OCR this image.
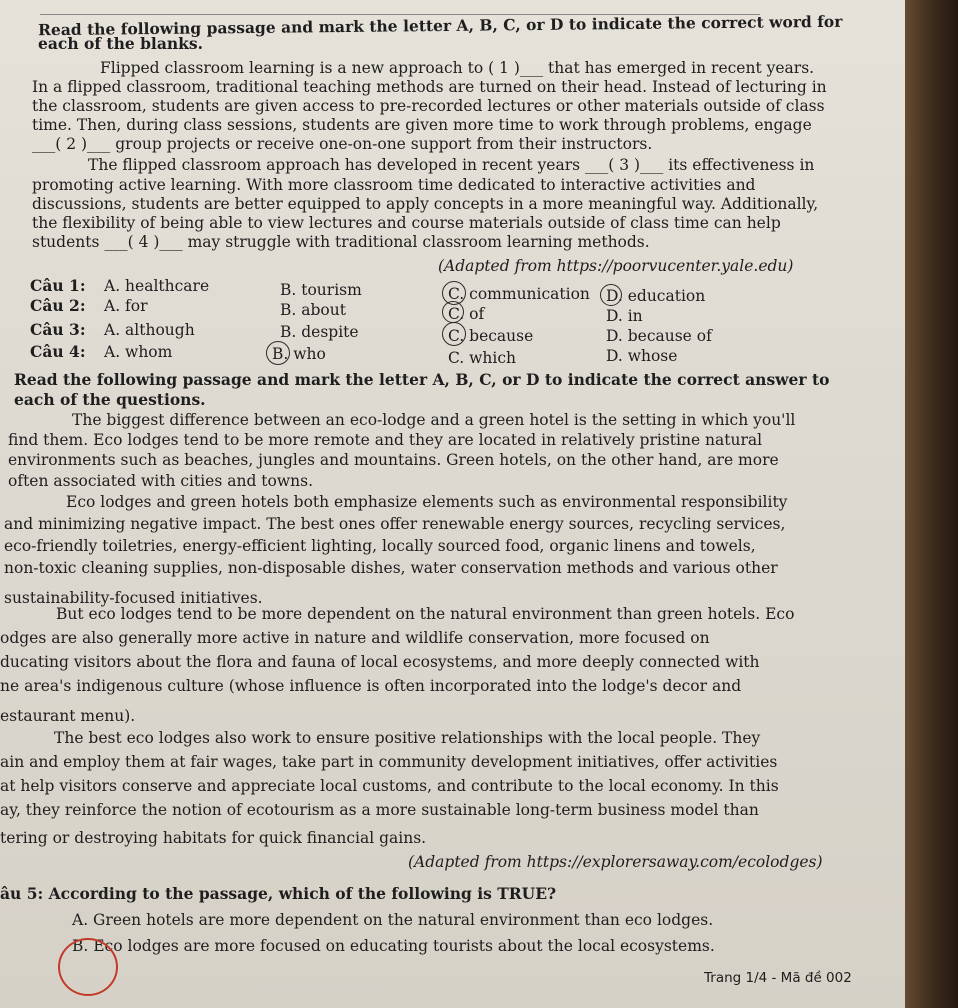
Read the following passage and mark the letter A, B, C, or D to indicate the correct word for
each of the blanks.
Flipped classroom learning is a new approach to ( 1 )___ that has emerged in recent years.
In a flipped classroom, traditional teaching methods are turned on their head. Instead of lecturing in
the classroom, students are given access to pre-recorded lectures or other materials outside of class
time. Then, during class sessions, students are given more time to work through problems, engage
___( 2 )___ group projects or receive one-on-one support from their instructors.
The flipped classroom approach has developed in recent years ___( 3 )___ its effectiveness in
promoting active learning. With more classroom time dedicated to interactive activities and
discussions, students are better equipped to apply concepts in a more meaningful way. Additionally,
the flexibility of being able to view lectures and course materials outside of class time can help
students ___( 4 )___ may struggle with traditional classroom learning methods.
(Adapted from https://poorvucenter.yale.edu)
Câu 1: A. healthcare	B. tourism	C. communication D. education
Câu 2: A. for	B. about	C. of	D. in
Câu 3: A. although	B. despite	C. because	D. because of
Câu 4: A. whom	B. who	C. which	D. whose
Read the following passage and mark the letter A, B, C, or D to indicate the correct answer to
each of the questions.
The biggest difference between an eco-lodge and a green hotel is the setting in which you'll
find them. Eco lodges tend to be more remote and they are located in relatively pristine natural
environments such as beaches, jungles and mountains. Green hotels, on the other hand, are more
often associated with cities and towns.
Eco lodges and green hotels both emphasize elements such as environmental responsibility
and minimizing negative impact. The best ones offer renewable energy sources, recycling services,
eco-friendly toiletries, energy-efficient lighting, locally sourced food, organic linens and towels,
non-toxic cleaning supplies, non-disposable dishes, water conservation methods and various other
sustainability-focused initiatives.
But eco lodges tend to be more dependent on the natural environment than green hotels. Eco
odges are also generally more active in nature and wildlife conservation, more focused on
ducating visitors about the flora and fauna of local ecosystems, and more deeply connected with
ne area's indigenous culture (whose influence is often incorporated into the lodge's decor and
estaurant menu).
The best eco lodges also work to ensure positive relationships with the local people. They
ain and employ them at fair wages, take part in community development initiatives, offer activities
at help visitors conserve and appreciate local customs, and contribute to the local economy. In this
ay, they reinforce the notion of ecotourism as a more sustainable long-term business model than
tering or destroying habitats for quick financial gains.
(Adapted from https://explorersaway.com/ecolodges)
âu 5: According to the passage, which of the following is TRUE?
A. Green hotels are more dependent on the natural environment than eco lodges.
B. Eco lodges are more focused on educating tourists about the local ecosystems.
Trang 1/4 - Mã đề 002
